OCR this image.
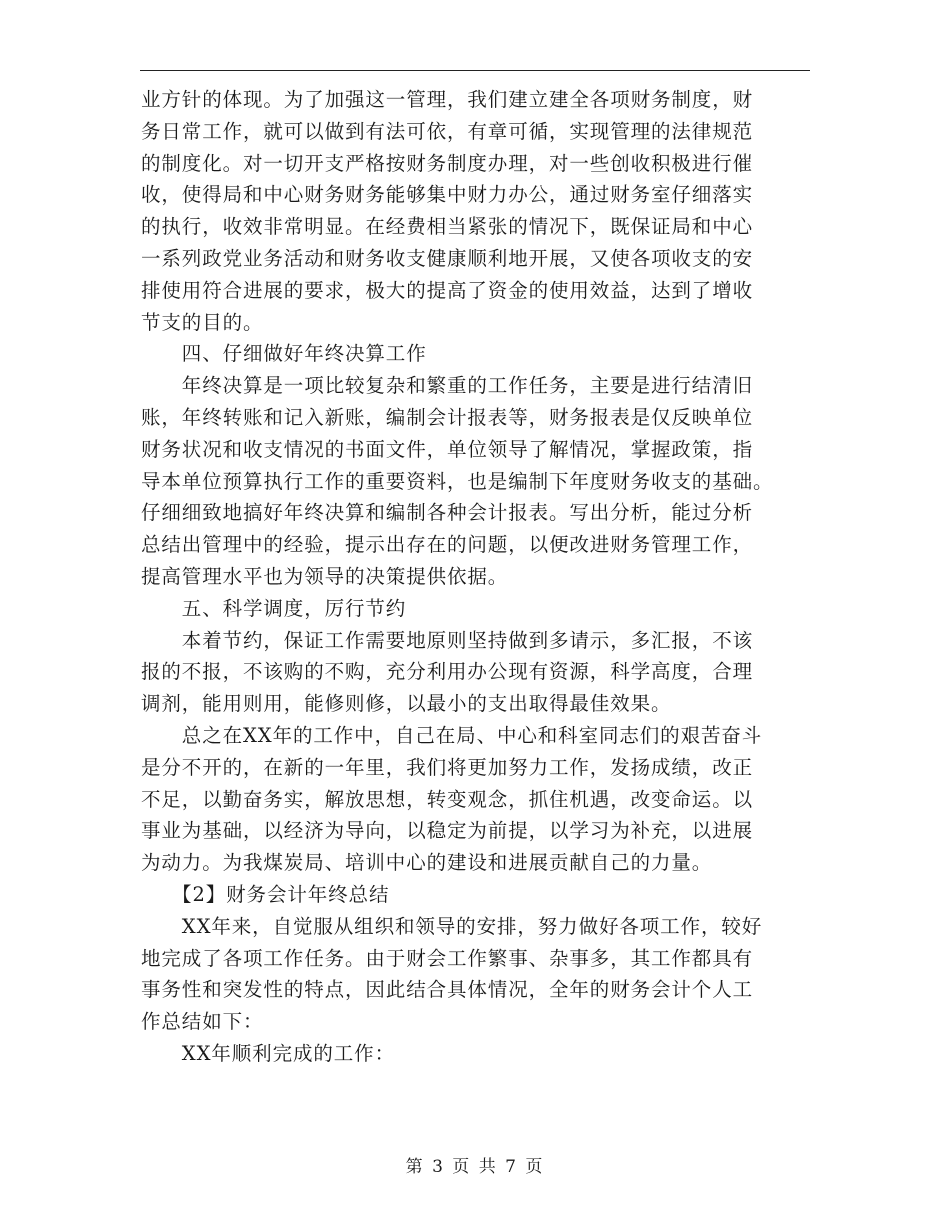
业方针的体现。为了加强这一管理，我们建立建全各项财务制度，财
务日常工作，就可以做到有法可依，有章可循，实现管理的法律规范
的制度化。对一切开支严格按财务制度办理，对一些创收积极进行催
收，使得局和中心财务财务能够集中财力办公，通过财务室仔细落实
的执行，收效非常明显。在经费相当紧张的情况下，既保证局和中心
一系列政党业务活动和财务收支健康顺利地开展，又使各项收支的安
排使用符合进展的要求，极大的提高了资金的使用效益，达到了增收
节支的目的。
　　四、仔细做好年终决算工作
　　年终决算是一项比较复杂和繁重的工作任务，主要是进行结清旧
账，年终转账和记入新账，编制会计报表等，财务报表是仅反映单位
财务状况和收支情况的书面文件，单位领导了解情况，掌握政策，指
导本单位预算执行工作的重要资料，也是编制下年度财务收支的基础。
仔细细致地搞好年终决算和编制各种会计报表。写出分析，能过分析
总结出管理中的经验，提示出存在的问题，以便改进财务管理工作，
提高管理水平也为领导的决策提供依据。
　　五、科学调度，厉行节约
　　本着节约，保证工作需要地原则坚持做到多请示，多汇报，不该
报的不报，不该购的不购，充分利用办公现有资源，科学高度，合理
调剂，能用则用，能修则修，以最小的支出取得最佳效果。
　　总之在XX年的工作中，自己在局、中心和科室同志们的艰苦奋斗
是分不开的，在新的一年里，我们将更加努力工作，发扬成绩，改正
不足，以勤奋务实，解放思想，转变观念，抓住机遇，改变命运。以
事业为基础，以经济为导向，以稳定为前提，以学习为补充，以进展
为动力。为我煤炭局、培训中心的建设和进展贡献自己的力量。
　　【2】财务会计年终总结
　　XX年来，自觉服从组织和领导的安排，努力做好各项工作，较好
地完成了各项工作任务。由于财会工作繁事、杂事多，其工作都具有
事务性和突发性的特点，因此结合具体情况，全年的财务会计个人工
作总结如下：
　　XX年顺利完成的工作：
第 3 页 共 7 页
